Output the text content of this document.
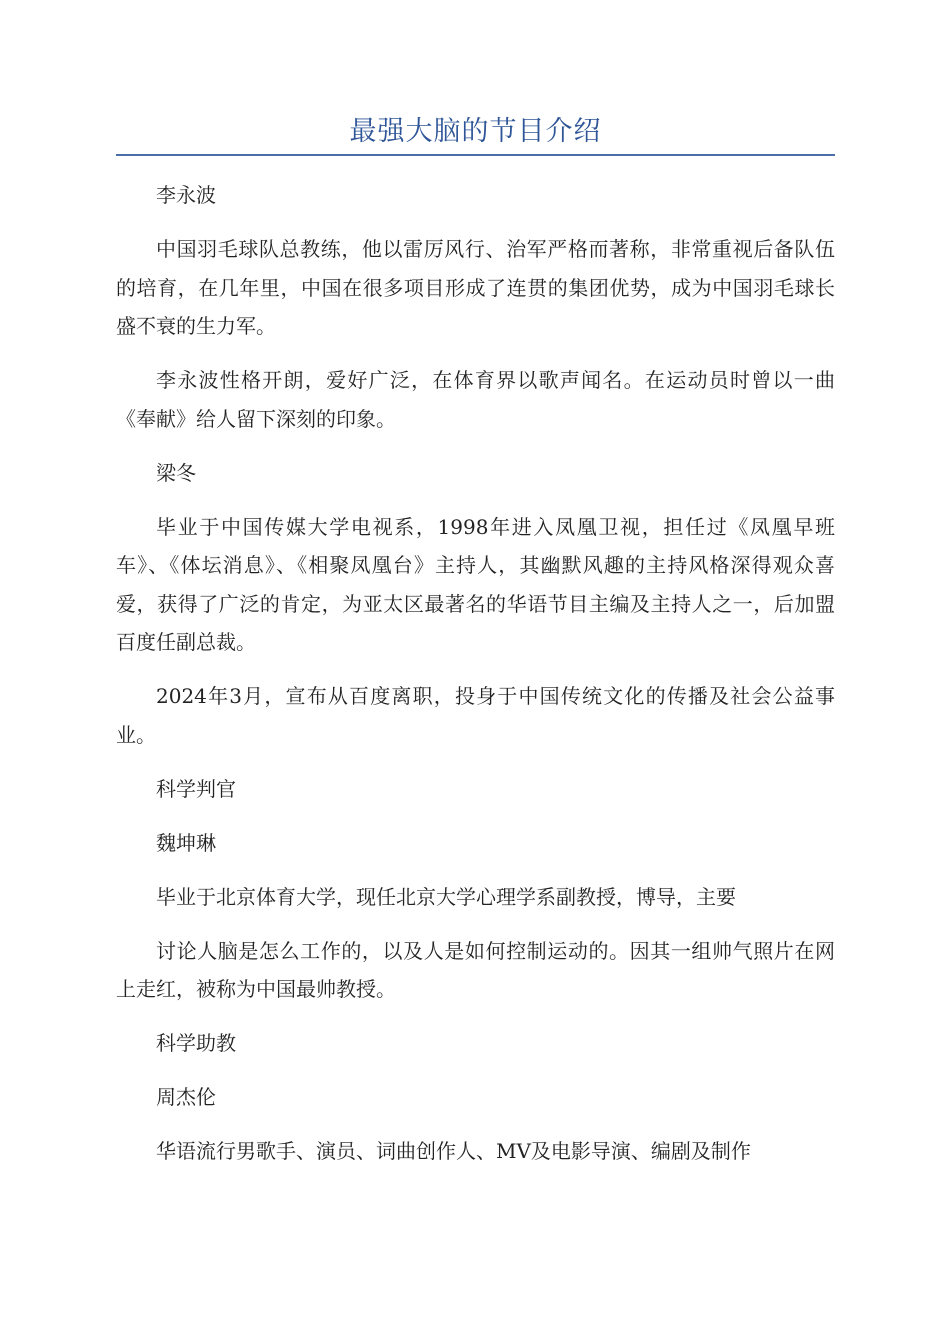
最强大脑的节目介绍

李永波

中国羽毛球队总教练，他以雷厉风行、治军严格而著称，非常重视后备队伍的培育，在几年里，中国在很多项目形成了连贯的集团优势，成为中国羽毛球长盛不衰的生力军。

李永波性格开朗，爱好广泛，在体育界以歌声闻名。在运动员时曾以一曲《奉献》给人留下深刻的印象。

梁冬

毕业于中国传媒大学电视系，1998年进入凤凰卫视，担任过《凤凰早班车》、《体坛消息》、《相聚凤凰台》主持人，其幽默风趣的主持风格深得观众喜爱，获得了广泛的肯定，为亚太区最著名的华语节目主编及主持人之一，后加盟百度任副总裁。

2024年3月，宣布从百度离职，投身于中国传统文化的传播及社会公益事业。

科学判官

魏坤琳

毕业于北京体育大学，现任北京大学心理学系副教授，博导，主要

讨论人脑是怎么工作的，以及人是如何控制运动的。因其一组帅气照片在网上走红，被称为中国最帅教授。

科学助教

周杰伦

华语流行男歌手、演员、词曲创作人、MV及电影导演、编剧及制作
